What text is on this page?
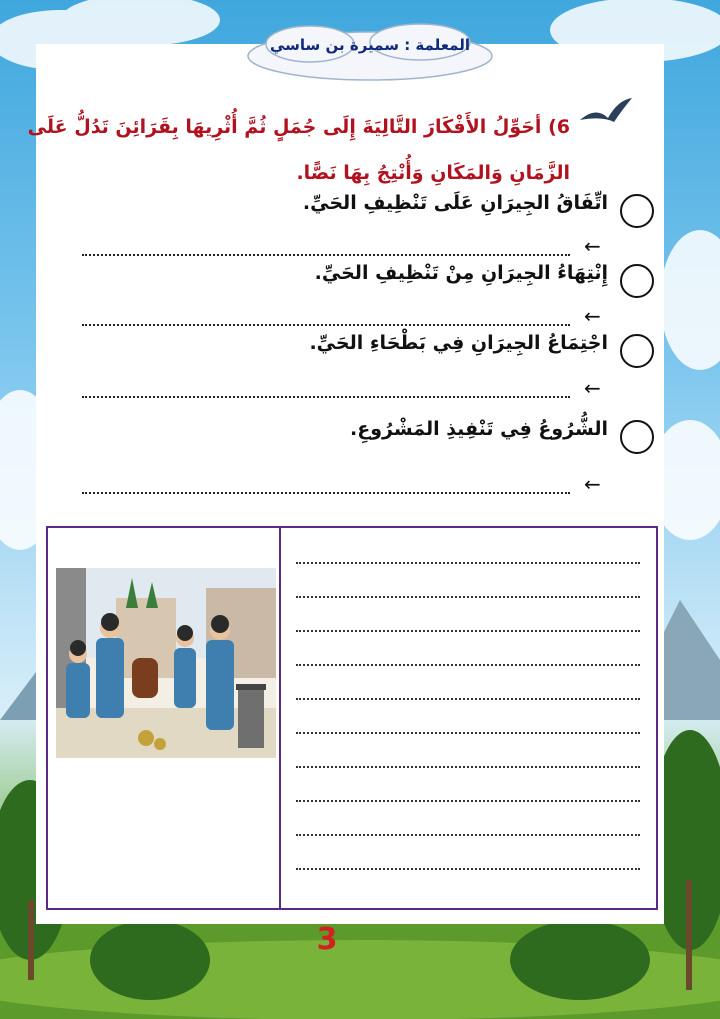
المعلمة : سميرة بن ساسي
6) أحَوِّلُ الأَفْكَارَ التَّالِيَةَ إِلَى جُمَلٍ ثُمَّ أُثْرِيهَا بِقَرَائِنَ تَدُلُّ عَلَى الزَّمَانِ وَالمَكَانِ وَأُنْتِجُ بِهَا نَصًّا.
اتِّفَاقُ الجِيرَانِ عَلَى تَنْظِيفِ الحَيِّ.
←
إِنْتِهَاءُ الجِيرَانِ مِنْ تَنْظِيفِ الحَيِّ.
←
اجْتِمَاعُ الجِيرَانِ فِي بَطْحَاءِ الحَيِّ.
←
الشُّرُوعُ فِي تَنْفِيذِ المَشْرُوعِ.
←
3
